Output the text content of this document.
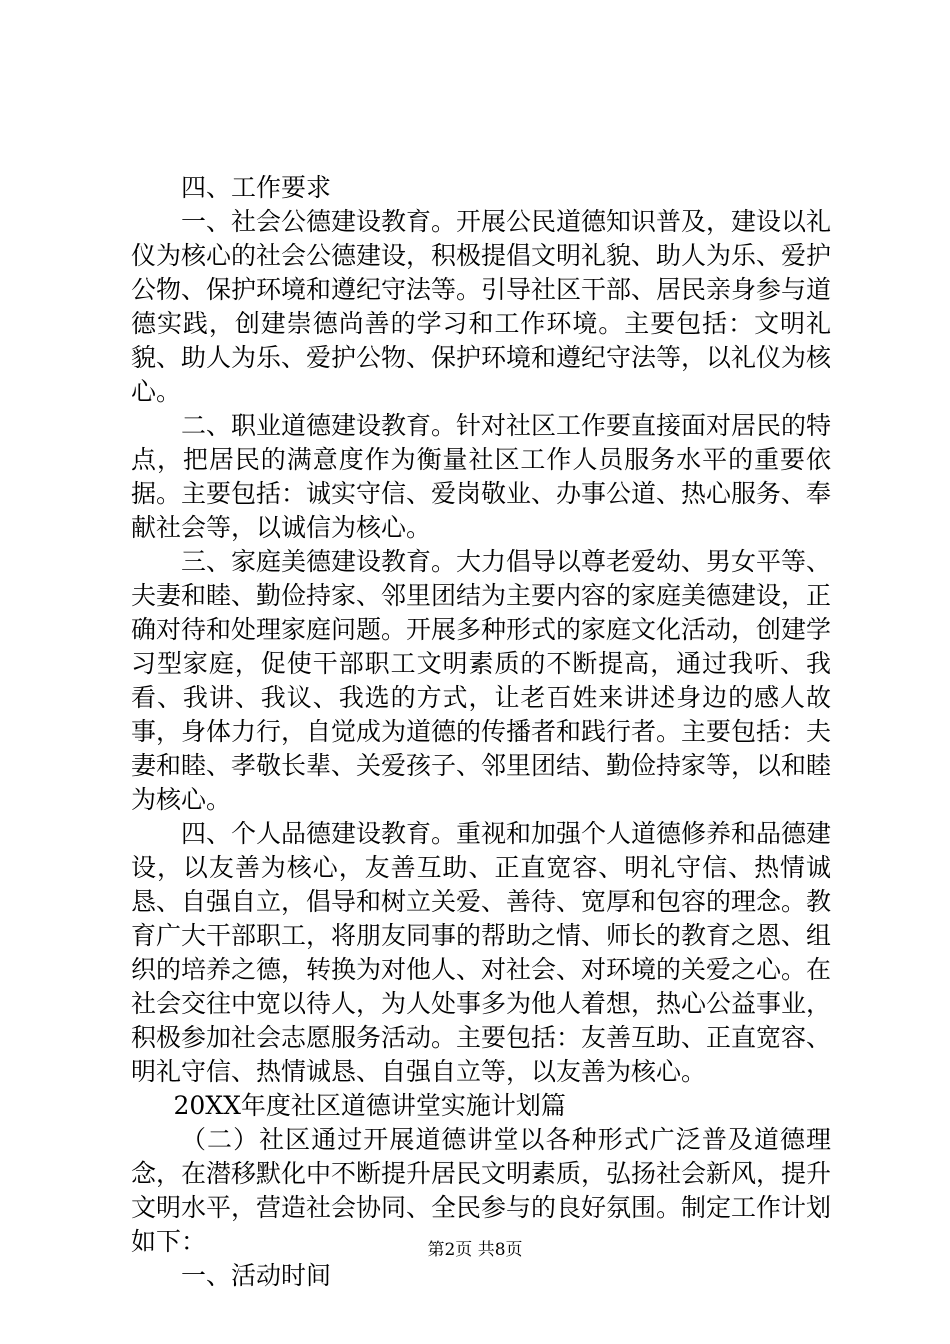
四、工作要求

一、社会公德建设教育。开展公民道德知识普及，建设以礼仪为核心的社会公德建设，积极提倡文明礼貌、助人为乐、爱护公物、保护环境和遵纪守法等。引导社区干部、居民亲身参与道德实践，创建崇德尚善的学习和工作环境。主要包括：文明礼貌、助人为乐、爱护公物、保护环境和遵纪守法等，以礼仪为核心。

二、职业道德建设教育。针对社区工作要直接面对居民的特点，把居民的满意度作为衡量社区工作人员服务水平的重要依据。主要包括：诚实守信、爱岗敬业、办事公道、热心服务、奉献社会等，以诚信为核心。

三、家庭美德建设教育。大力倡导以尊老爱幼、男女平等、夫妻和睦、勤俭持家、邻里团结为主要内容的家庭美德建设，正确对待和处理家庭问题。开展多种形式的家庭文化活动，创建学习型家庭，促使干部职工文明素质的不断提高，通过我听、我看、我讲、我议、我选的方式，让老百姓来讲述身边的感人故事，身体力行，自觉成为道德的传播者和践行者。主要包括：夫妻和睦、孝敬长辈、关爱孩子、邻里团结、勤俭持家等，以和睦为核心。

四、个人品德建设教育。重视和加强个人道德修养和品德建设，以友善为核心，友善互助、正直宽容、明礼守信、热情诚恳、自强自立，倡导和树立关爱、善待、宽厚和包容的理念。教育广大干部职工，将朋友同事的帮助之情、师长的教育之恩、组织的培养之德，转换为对他人、对社会、对环境的关爱之心。在社会交往中宽以待人，为人处事多为他人着想，热心公益事业，积极参加社会志愿服务活动。主要包括：友善互助、正直宽容、明礼守信、热情诚恳、自强自立等，以友善为核心。

20XX年度社区道德讲堂实施计划篇

（二）社区通过开展道德讲堂以各种形式广泛普及道德理念，在潜移默化中不断提升居民文明素质，弘扬社会新风，提升文明水平，营造社会协同、全民参与的良好氛围。制定工作计划如下：

一、活动时间

第2页 共8页
